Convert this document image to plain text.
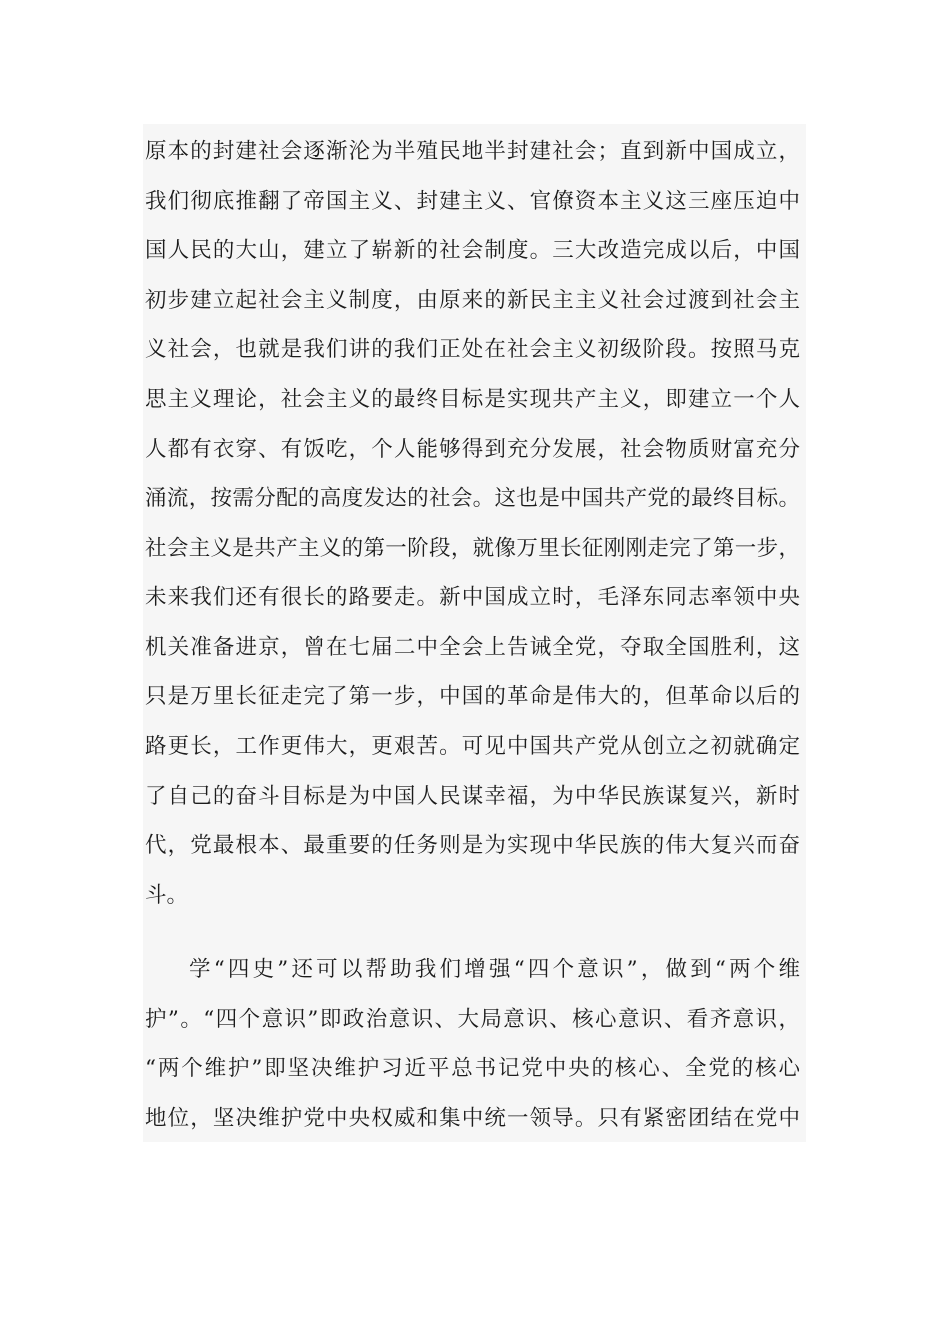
原本的封建社会逐渐沦为半殖民地半封建社会；直到新中国成立，
我们彻底推翻了帝国主义、封建主义、官僚资本主义这三座压迫中
国人民的大山，建立了崭新的社会制度。三大改造完成以后，中国
初步建立起社会主义制度，由原来的新民主主义社会过渡到社会主
义社会，也就是我们讲的我们正处在社会主义初级阶段。按照马克
思主义理论，社会主义的最终目标是实现共产主义，即建立一个人
人都有衣穿、有饭吃，个人能够得到充分发展，社会物质财富充分
涌流，按需分配的高度发达的社会。这也是中国共产党的最终目标。
社会主义是共产主义的第一阶段，就像万里长征刚刚走完了第一步，
未来我们还有很长的路要走。新中国成立时，毛泽东同志率领中央
机关准备进京，曾在七届二中全会上告诫全党，夺取全国胜利，这
只是万里长征走完了第一步，中国的革命是伟大的，但革命以后的
路更长，工作更伟大，更艰苦。可见中国共产党从创立之初就确定
了自己的奋斗目标是为中国人民谋幸福，为中华民族谋复兴，新时
代，党最根本、最重要的任务则是为实现中华民族的伟大复兴而奋
斗。
学“四史”还可以帮助我们增强“四个意识”，做到“两个维
护”。“四个意识”即政治意识、大局意识、核心意识、看齐意识，
“两个维护”即坚决维护习近平总书记党中央的核心、全党的核心
地位，坚决维护党中央权威和集中统一领导。只有紧密团结在党中
